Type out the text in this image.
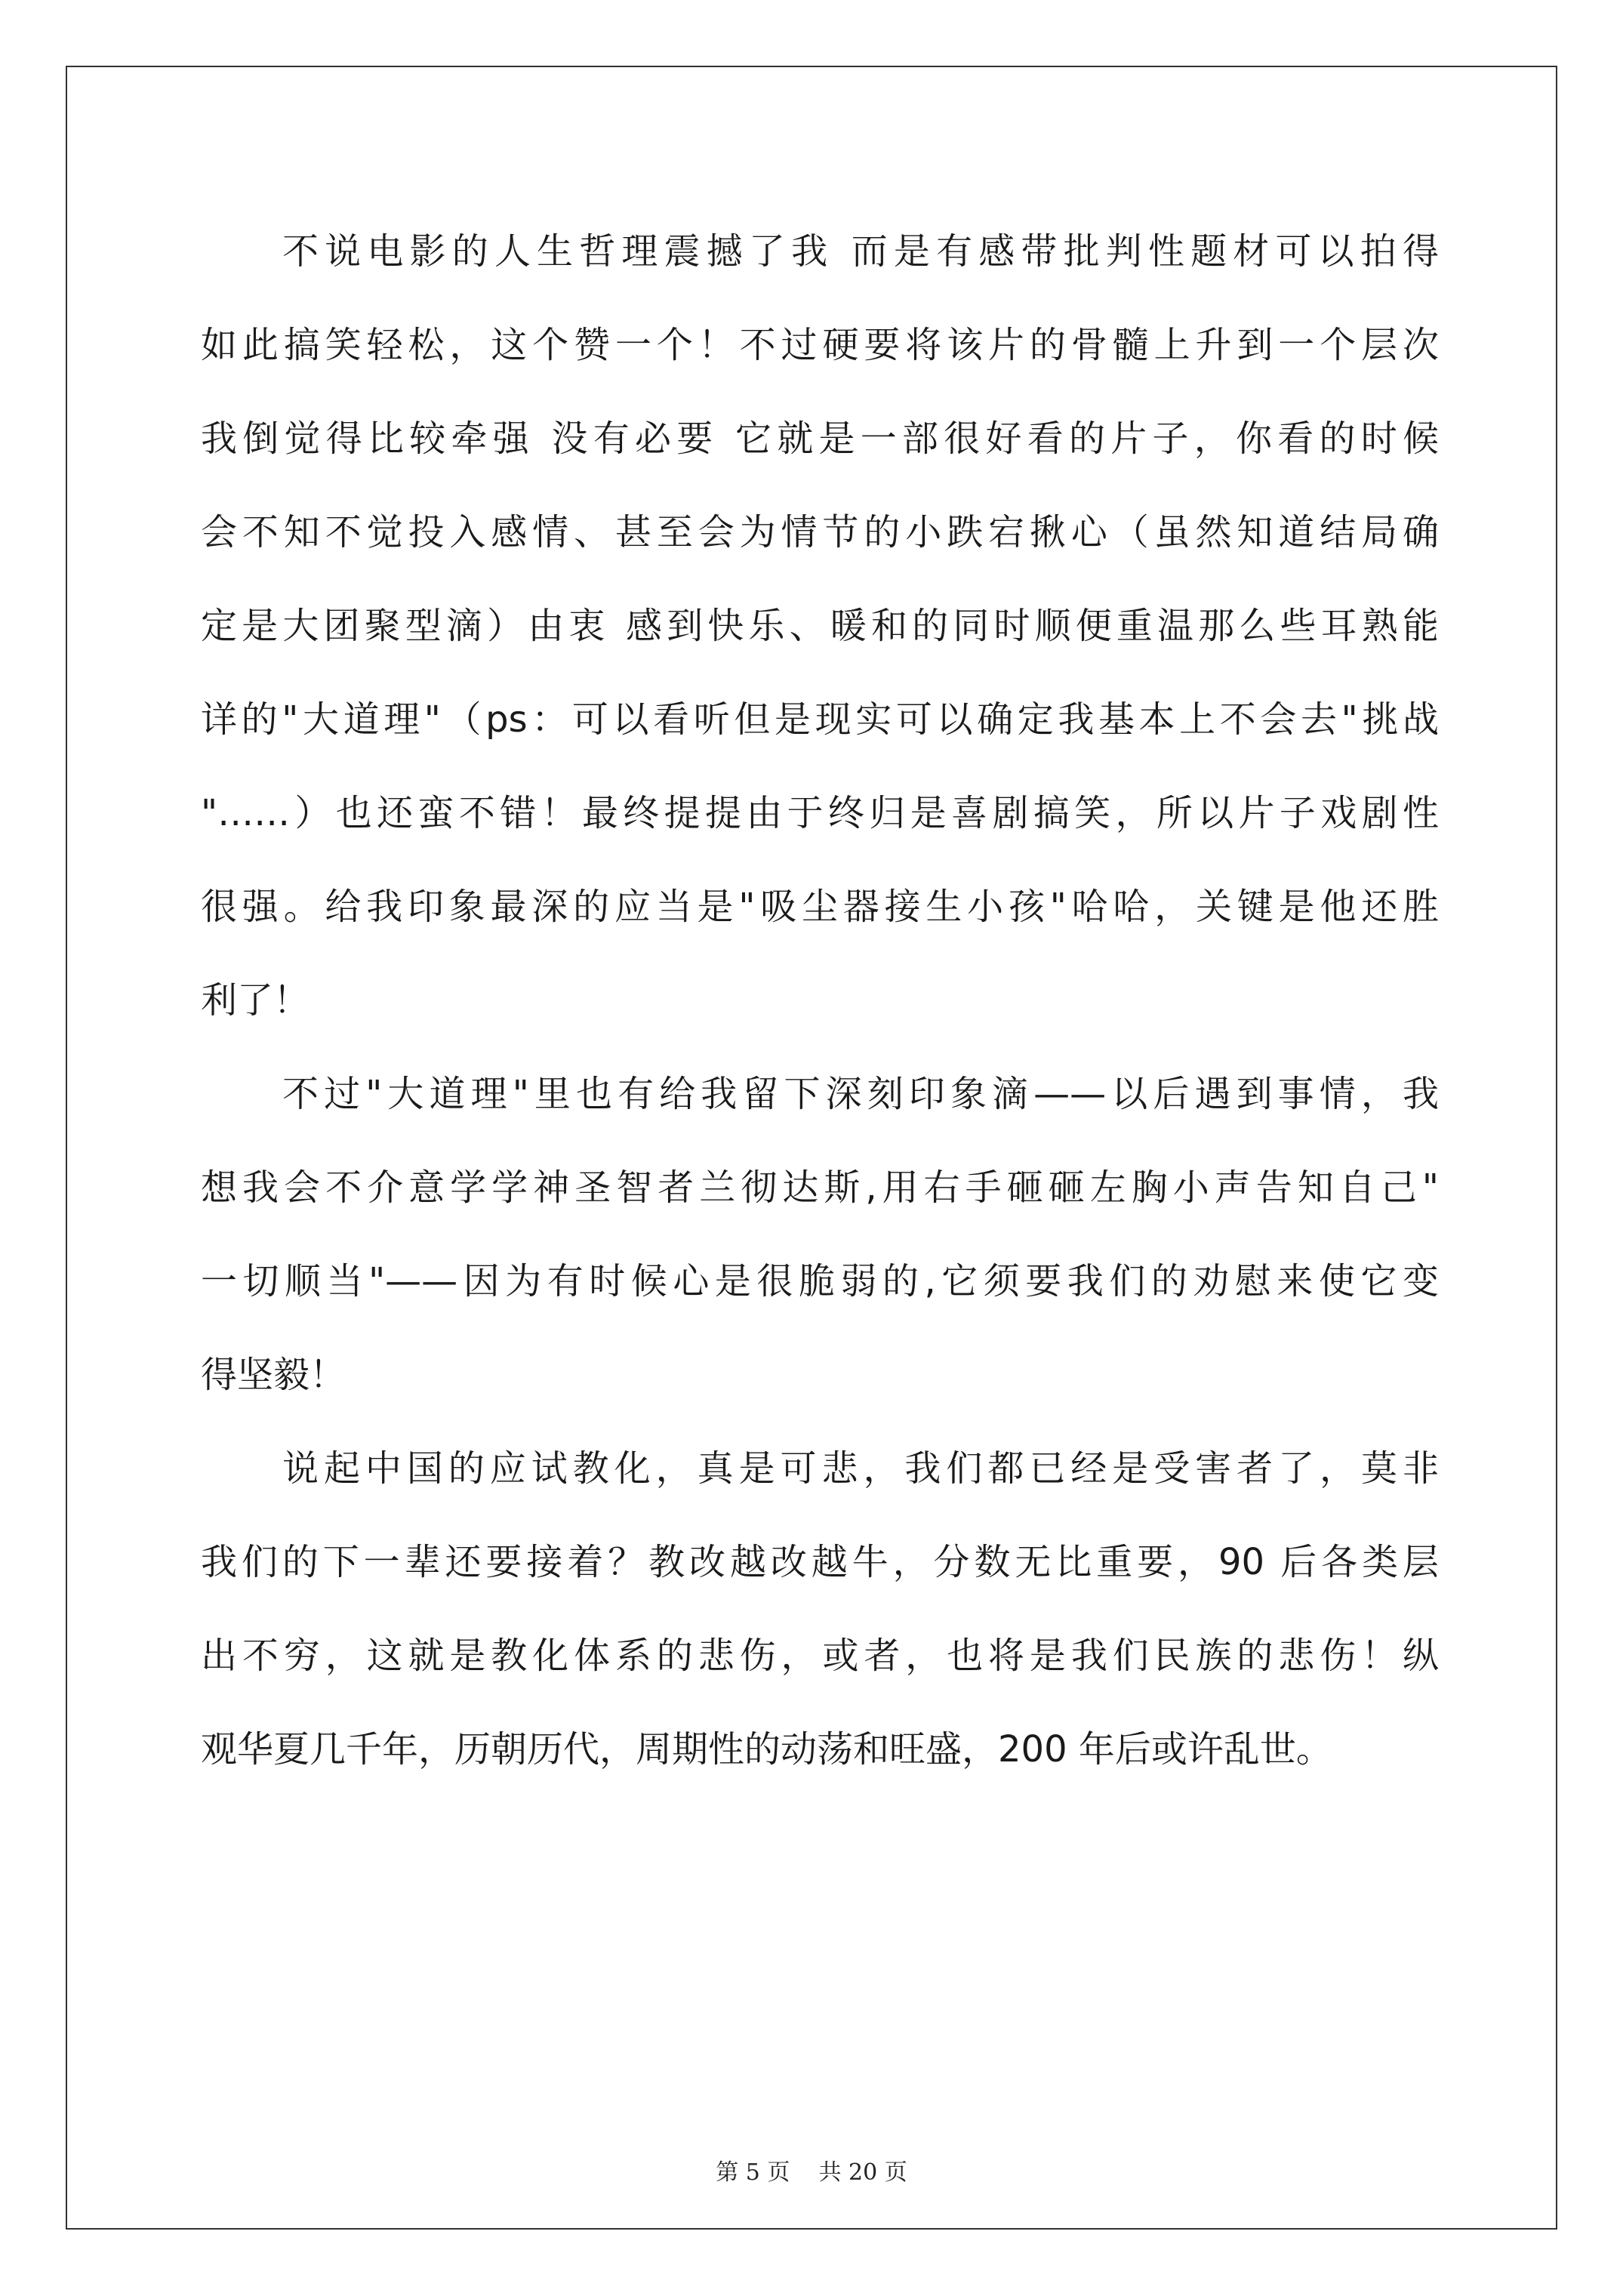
不说电影的人生哲理震撼了我 而是有感带批判性题材可以拍得
如此搞笑轻松，这个赞一个！不过硬要将该片的骨髓上升到一个层次
我倒觉得比较牵强 没有必要 它就是一部很好看的片子，你看的时候
会不知不觉投入感情、甚至会为情节的小跌宕揪心（虽然知道结局确
定是大团聚型滴）由衷 感到快乐、暖和的同时顺便重温那么些耳熟能
详的"大道理"（ps：可以看听但是现实可以确定我基本上不会去"挑战
"……）也还蛮不错！最终提提由于终归是喜剧搞笑，所以片子戏剧性
很强。给我印象最深的应当是"吸尘器接生小孩"哈哈，关键是他还胜
利了！
不过"大道理"里也有给我留下深刻印象滴——以后遇到事情，我
想我会不介意学学神圣智者兰彻达斯,用右手砸砸左胸小声告知自己"
一切顺当"——因为有时候心是很脆弱的,它须要我们的劝慰来使它变
得坚毅！
说起中国的应试教化，真是可悲，我们都已经是受害者了，莫非
我们的下一辈还要接着？教改越改越牛，分数无比重要，90 后各类层
出不穷，这就是教化体系的悲伤，或者，也将是我们民族的悲伤！纵
观华夏几千年，历朝历代，周期性的动荡和旺盛，200 年后或许乱世。
第 5 页    共 20 页
